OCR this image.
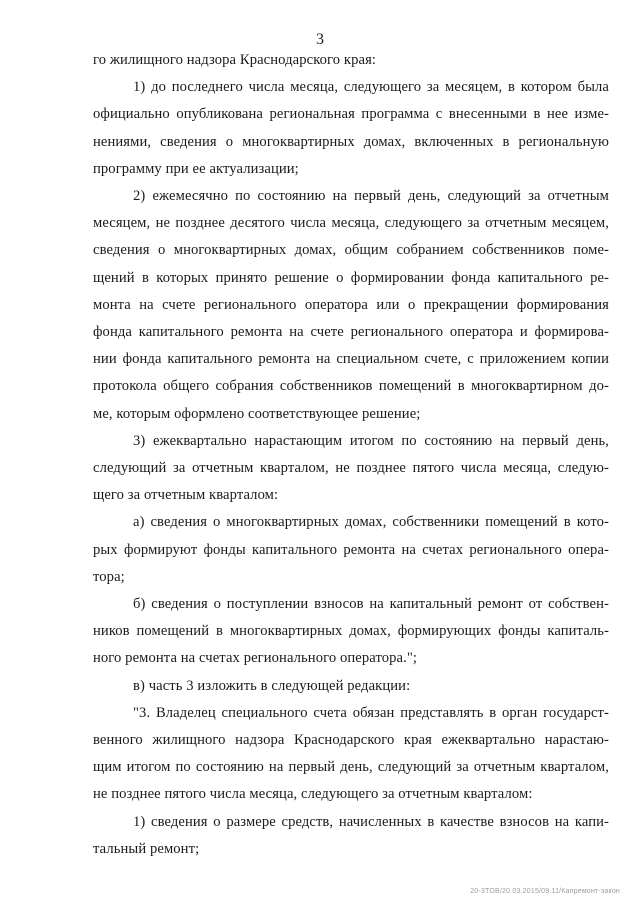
3

го жилищного надзора Краснодарского края:

1) до последнего числа месяца, следующего за месяцем, в котором была

официально опубликована региональная программа с внесенными в нее изме-

нениями, сведения о многоквартирных домах, включенных в региональную

программу при ее актуализации;

2) ежемесячно по состоянию на первый день, следующий за отчетным

месяцем, не позднее десятого числа месяца, следующего за отчетным месяцем,

сведения о многоквартирных домах, общим собранием собственников поме-

щений в которых принято решение о формировании фонда капитального ре-

монта на счете регионального оператора или о прекращении формирования

фонда капитального ремонта на счете регионального оператора и формирова-

нии фонда капитального ремонта на специальном счете, с приложением копии

протокола общего собрания собственников помещений в многоквартирном до-

ме, которым оформлено соответствующее решение;

3) ежеквартально нарастающим итогом по состоянию на первый день,

следующий за отчетным кварталом, не позднее пятого числа месяца, следую-

щего за отчетным кварталом:

а) сведения о многоквартирных домах, собственники помещений в кото-

рых формируют фонды капитального ремонта на счетах регионального опера-

тора;

б) сведения о поступлении взносов на капитальный ремонт от собствен-

ников помещений в многоквартирных домах, формирующих фонды капиталь-

ного ремонта на счетах регионального оператора.";

в) часть 3 изложить в следующей редакции:

"3. Владелец специального счета обязан представлять в орган государст-

венного жилищного надзора Краснодарского края ежеквартально нарастаю-

щим итогом по состоянию на первый день, следующий за отчетным кварталом,

не позднее пятого числа месяца, следующего за отчетным кварталом:

1) сведения о размере средств, начисленных в качестве взносов на капи-

тальный ремонт;

20-3TOB/20 03.2015/09.11/Капремонт-закон
